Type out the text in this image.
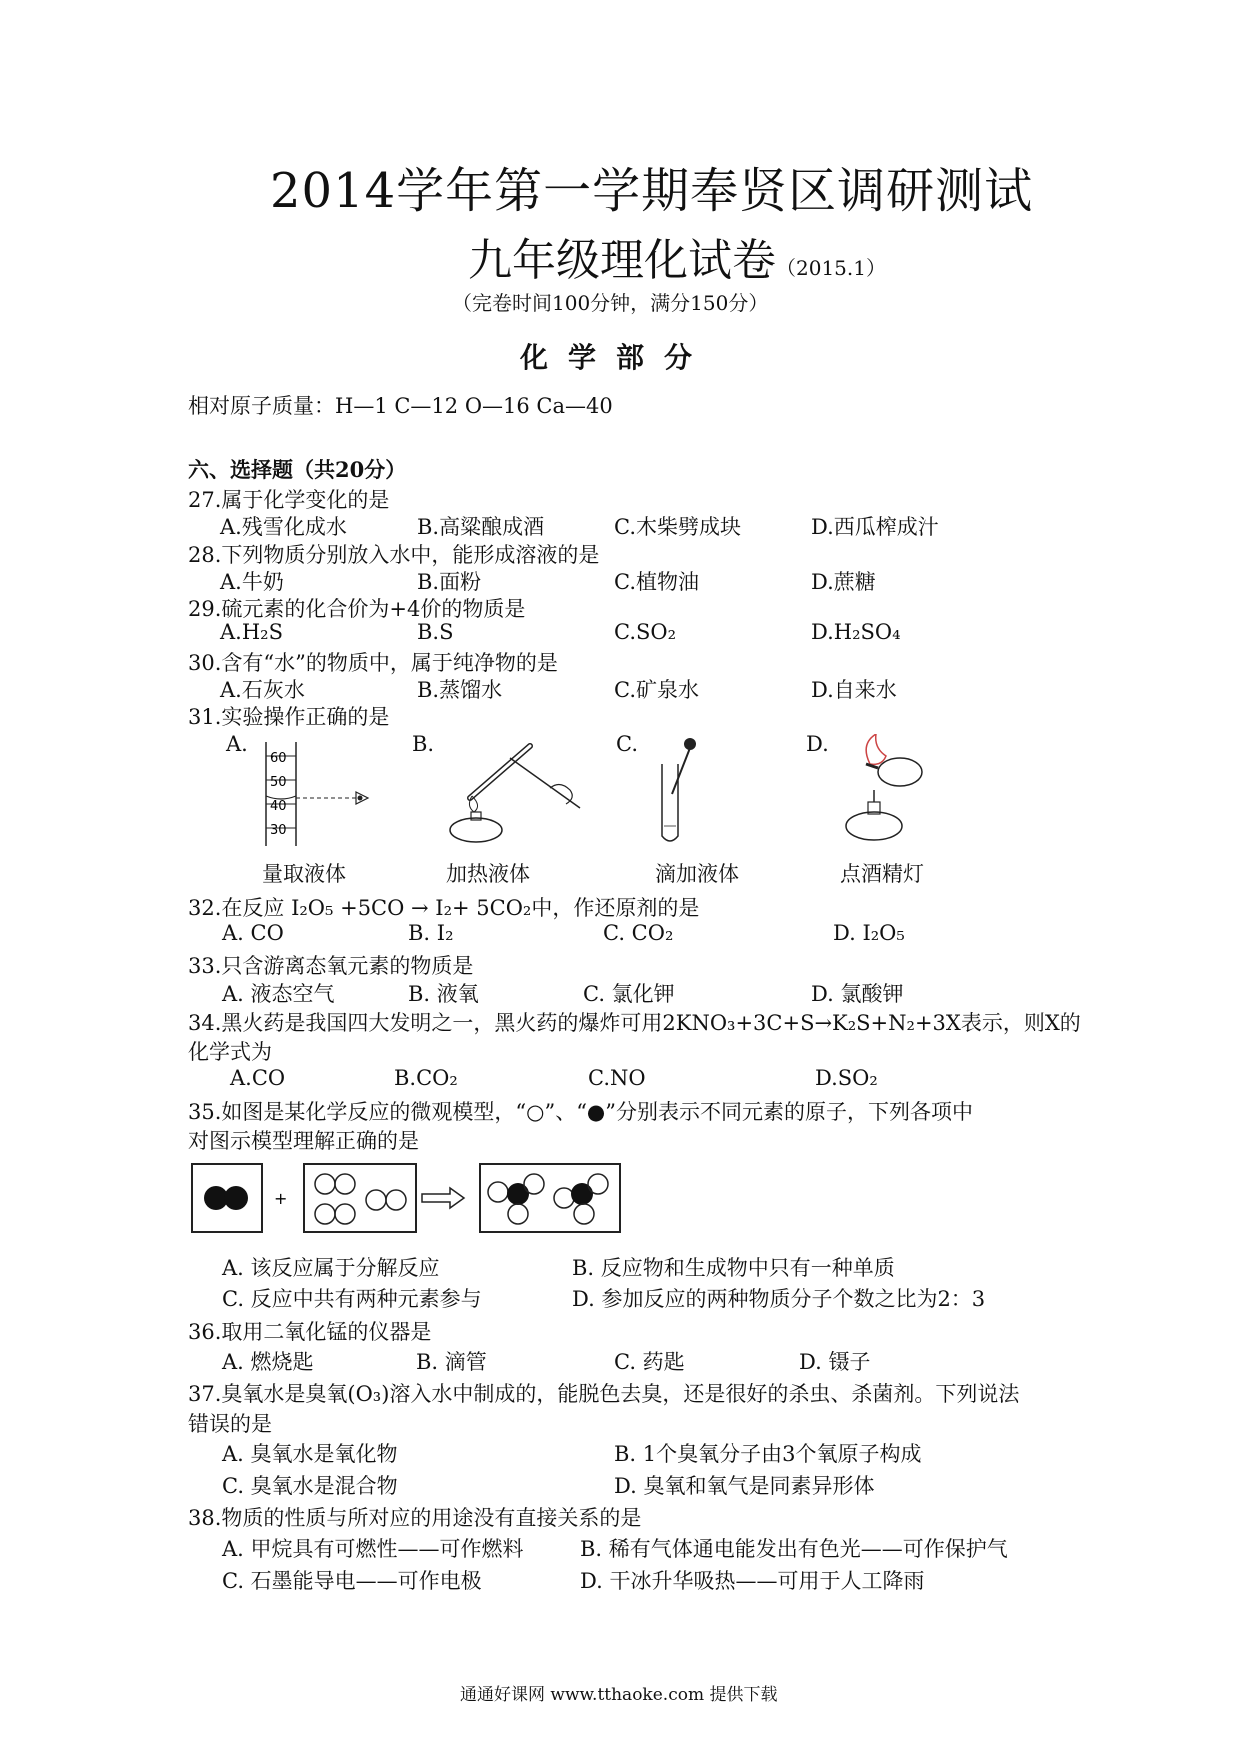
2014学年第一学期奉贤区调研测试
九年级理化试卷（2015.1）
（完卷时间100分钟，满分150分）
化学部分
相对原子质量：H—1 C—12 O—16 Ca—40
六、选择题（共20分）
27.属于化学变化的是
A.残雪化成水	B.高粱酿成酒	C.木柴劈成块	D.西瓜榨成汁
28.下列物质分别放入水中，能形成溶液的是
A.牛奶	B.面粉	C.植物油	D.蔗糖
29.硫元素的化合价为+4价的物质是
A.H₂S	B.S	C.SO₂	D.H₂SO₄
30.含有“水”的物质中，属于纯净物的是
A.石灰水	B.蒸馏水	C.矿泉水	D.自来水
31.实验操作正确的是
A.	B.	C.	D.
60
50
40
30
量取液体	加热液体	滴加液体	点酒精灯
32.在反应 I₂O₅ +5CO → I₂+ 5CO₂中，作还原剂的是
A. CO	B. I₂	C. CO₂	D. I₂O₅
33.只含游离态氧元素的物质是
A. 液态空气	B. 液氧	C. 氯化钾	D. 氯酸钾
34.黑火药是我国四大发明之一，黑火药的爆炸可用2KNO₃+3C+S→K₂S+N₂+3X表示，则X的
化学式为
A.CO	B.CO₂	C.NO	D.SO₂
35.如图是某化学反应的微观模型，“○”、“●”分别表示不同元素的原子，下列各项中
对图示模型理解正确的是
+
A. 该反应属于分解反应	B. 反应物和生成物中只有一种单质
C. 反应中共有两种元素参与	D. 参加反应的两种物质分子个数之比为2：3
36.取用二氧化锰的仪器是
A. 燃烧匙	B. 滴管	C. 药匙	D. 镊子
37.臭氧水是臭氧(O₃)溶入水中制成的，能脱色去臭，还是很好的杀虫、杀菌剂。下列说法
错误的是
A. 臭氧水是氧化物	B. 1个臭氧分子由3个氧原子构成
C. 臭氧水是混合物	D. 臭氧和氧气是同素异形体
38.物质的性质与所对应的用途没有直接关系的是
A. 甲烷具有可燃性——可作燃料	B. 稀有气体通电能发出有色光——可作保护气
C. 石墨能导电——可作电极	D. 干冰升华吸热——可用于人工降雨
通通好课网 www.tthaoke.com 提供下载
